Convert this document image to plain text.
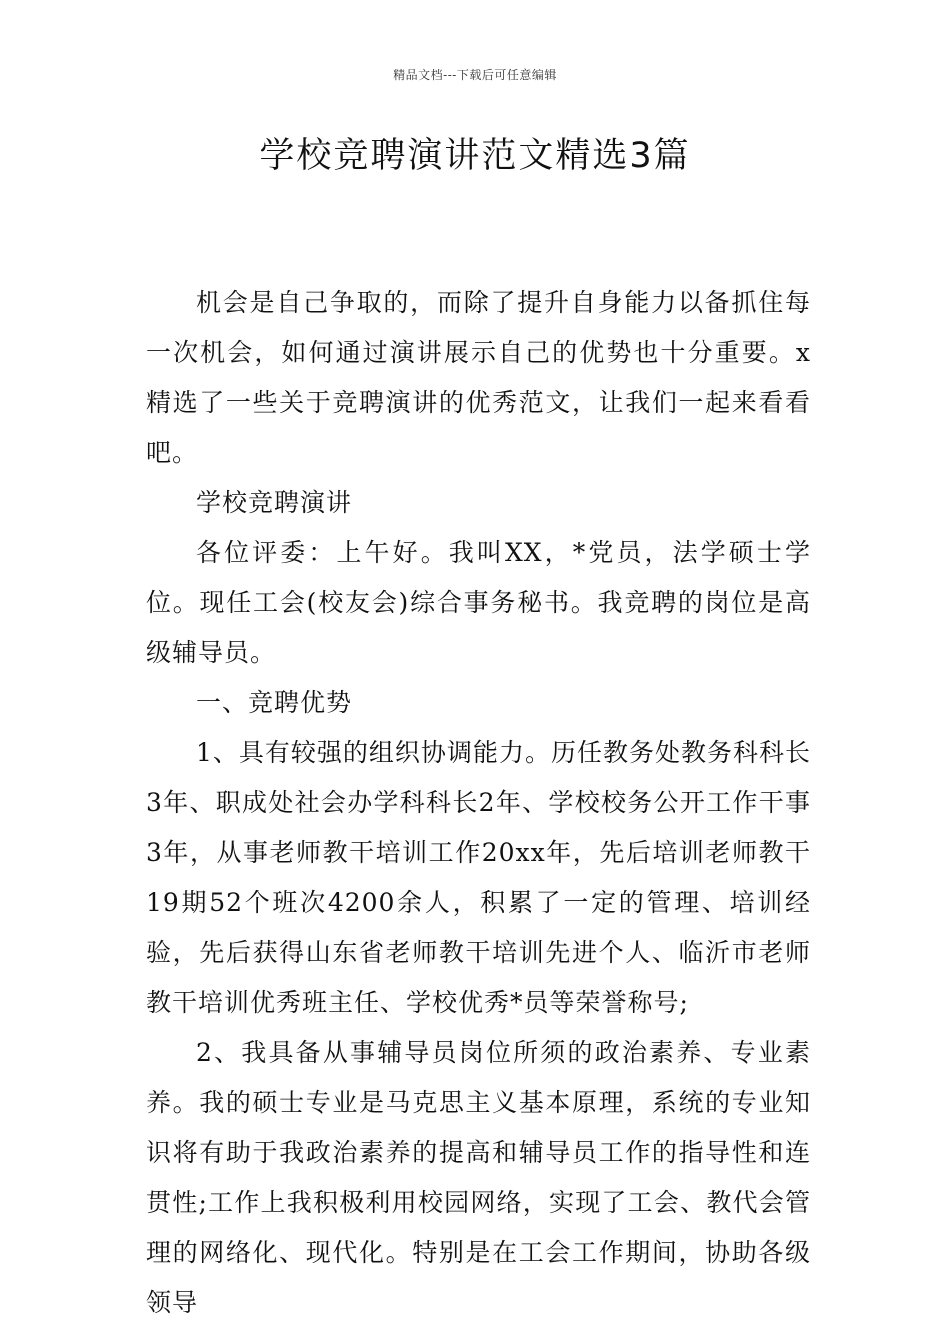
精品文档---下载后可任意编辑
学校竞聘演讲范文精选3篇

机会是自己争取的，而除了提升自身能力以备抓住每一次机会，如何通过演讲展示自己的优势也十分重要。x精选了一些关于竞聘演讲的优秀范文，让我们一起来看看吧。

学校竞聘演讲

各位评委：上午好。我叫XX，*党员，法学硕士学位。现任工会(校友会)综合事务秘书。我竞聘的岗位是高级辅导员。

一、竞聘优势

1、具有较强的组织协调能力。历任教务处教务科科长3年、职成处社会办学科科长2年、学校校务公开工作干事3年，从事老师教干培训工作20xx年，先后培训老师教干19期52个班次4200余人，积累了一定的管理、培训经验，先后获得山东省老师教干培训先进个人、临沂市老师教干培训优秀班主任、学校优秀*员等荣誉称号;

2、我具备从事辅导员岗位所须的政治素养、专业素养。我的硕士专业是马克思主义基本原理，系统的专业知识将有助于我政治素养的提高和辅导员工作的指导性和连贯性;工作上我积极利用校园网络，实现了工会、教代会管理的网络化、现代化。特别是在工会工作期间，协助各级领导
